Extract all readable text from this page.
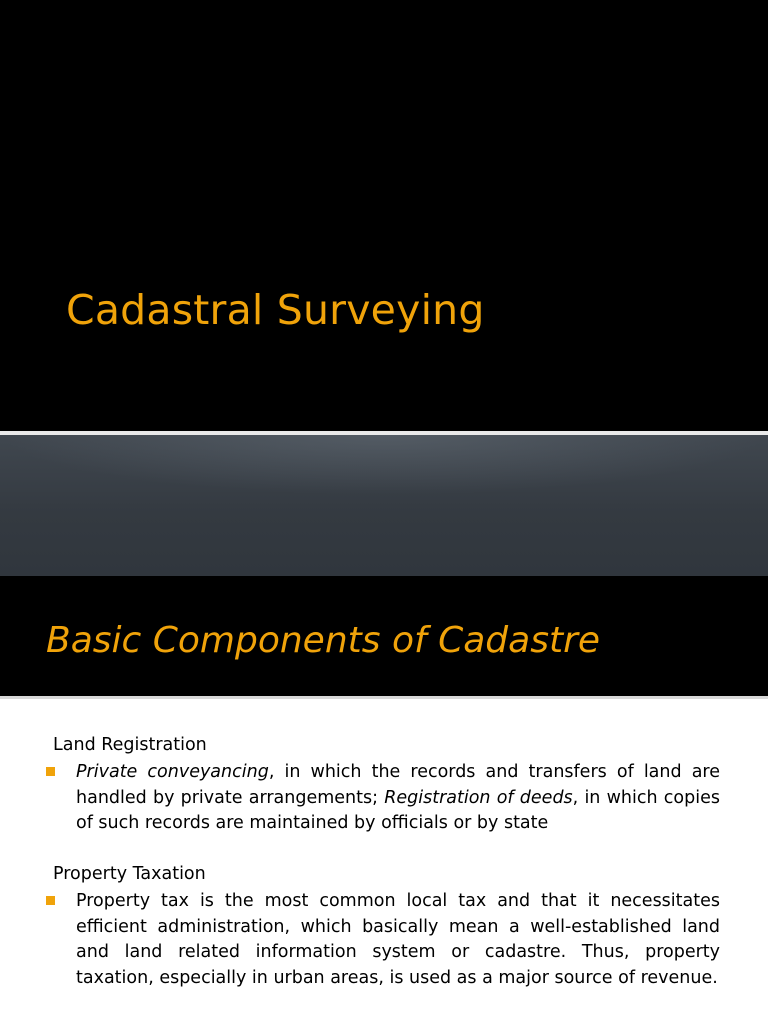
Cadastral Surveying
Basic Components of Cadastre
Land Registration

Private conveyancing, in which the records and transfers of land are handled by private arrangements; Registration of deeds, in which copies of such records are maintained by officials or by state

Property Taxation

Property tax is the most common local tax and that it necessitates efficient administration, which basically mean a well-established land and land related information system or cadastre. Thus, property taxation, especially in urban areas, is used as a major source of revenue.
